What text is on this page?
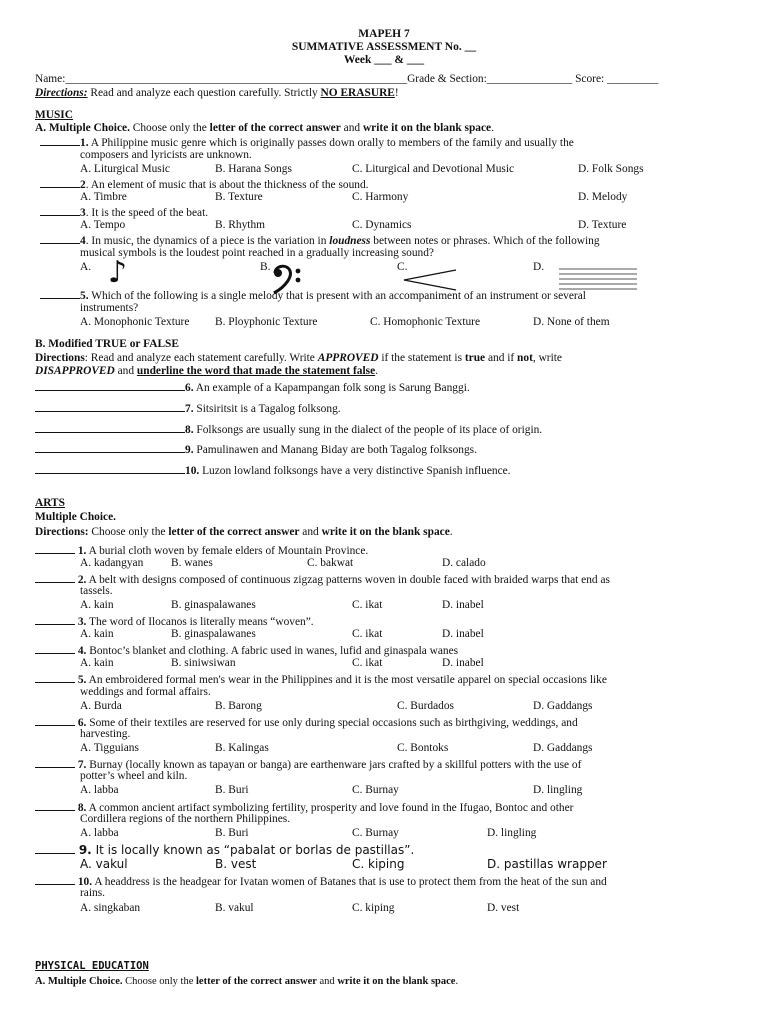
MAPEH 7
SUMMATIVE ASSESSMENT No. __
Week ___ & ___
Name:____________________________________________________________Grade & Section:_______________ Score: _________
Directions: Read and analyze each question carefully. Strictly NO ERASURE!
MUSIC
A. Multiple Choice. Choose only the letter of the correct answer and write it on the blank space.
1. A Philippine music genre which is originally passes down orally to members of the family and usually the
composers and lyricists are unknown.
A. Liturgical Music	B. Harana Songs	C. Liturgical and Devotional Music	D. Folk Songs
2. An element of music that is about the thickness of the sound.
A. Timbre	B. Texture	C. Harmony	D. Melody
3. It is the speed of the beat.
A. Tempo	B. Rhythm	C. Dynamics	D. Texture
4. In music, the dynamics of a piece is the variation in loudness between notes or phrases. Which of the following
musical symbols is the loudest point reached in a gradually increasing sound?
A.	B.	C.	D.
♪
5. Which of the following is a single melody that is present with an accompaniment of an instrument or several
instruments?
A. Monophonic Texture B. Ployphonic Texture	C. Homophonic Texture	D. None of them
B. Modified TRUE or FALSE
Directions: Read and analyze each statement carefully. Write APPROVED if the statement is true and if not, write
DISAPPROVED and underline the word that made the statement false.
6. An example of a Kapampangan folk song is Sarung Banggi.
7. Sitsiritsit is a Tagalog folksong.
8. Folksongs are usually sung in the dialect of the people of its place of origin.
9. Pamulinawen and Manang Biday are both Tagalog folksongs.
10. Luzon lowland folksongs have a very distinctive Spanish influence.
ARTS
Multiple Choice.
Directions: Choose only the letter of the correct answer and write it on the blank space.
1. A burial cloth woven by female elders of Mountain Province.
A. kadangyan B. wanes	C. bakwat	D. calado
2. A belt with designs composed of continuous zigzag patterns woven in double faced with braided warps that end as
tassels.
A. kain	B. ginaspalawanes	C. ikat	D. inabel
3. The word of Ilocanos is literally means “woven”.
A. kain	B. ginaspalawanes	C. ikat	D. inabel
4. Bontoc’s blanket and clothing. A fabric used in wanes, lufid and ginaspala wanes
A. kain	B. siniwsiwan	C. ikat	D. inabel
5. An embroidered formal men's wear in the Philippines and it is the most versatile apparel on special occasions like
weddings and formal affairs.
A. Burda	B. Barong	C. Burdados	D. Gaddangs
6. Some of their textiles are reserved for use only during special occasions such as birthgiving, weddings, and
harvesting.
A. Tigguians	B. Kalingas	C. Bontoks	D. Gaddangs
7. Burnay (locally known as tapayan or banga) are earthenware jars crafted by a skillful potters with the use of
potter’s wheel and kiln.
A. labba	B. Buri	C. Burnay	D. lingling
8. A common ancient artifact symbolizing fertility, prosperity and love found in the Ifugao, Bontoc and other
Cordillera regions of the northern Philippines.
A. labba	B. Buri	C. Burnay	D. lingling
9. It is locally known as “pabalat or borlas de pastillas”.
A. vakul	B. vest	C. kiping	D. pastillas wrapper
10. A headdress is the headgear for Ivatan women of Batanes that is use to protect them from the heat of the sun and
rains.
A. singkaban	B. vakul	C. kiping	D. vest
PHYSICAL EDUCATION
A. Multiple Choice. Choose only the letter of the correct answer and write it on the blank space.
